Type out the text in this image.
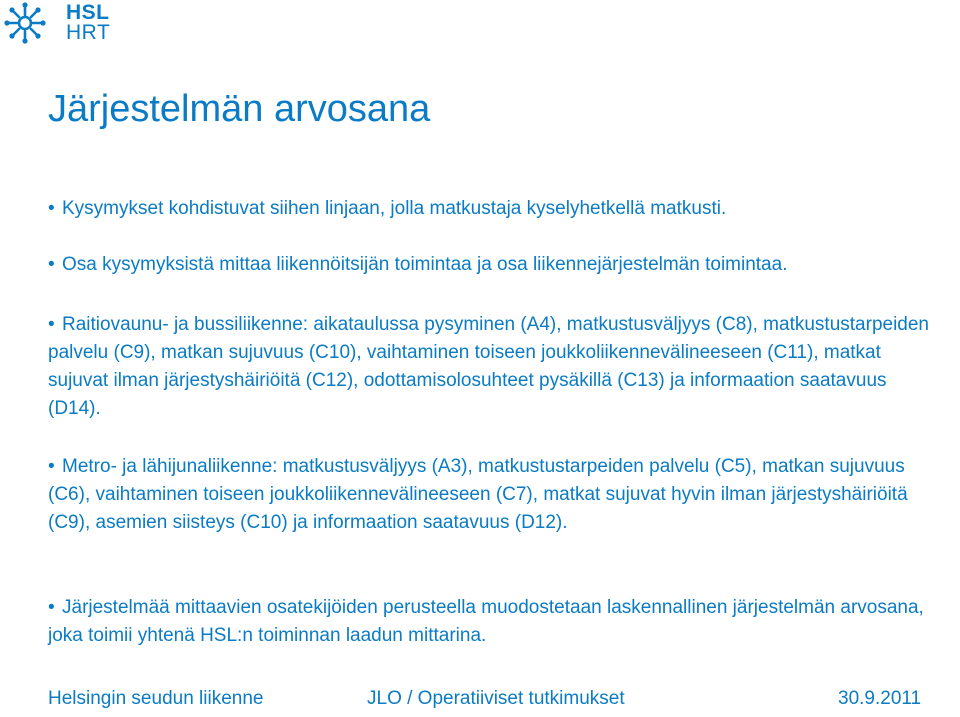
HSL
HRT
Järjestelmän arvosana
• Kysymykset kohdistuvat siihen linjaan, jolla matkustaja kyselyhetkellä matkusti.
• Osa kysymyksistä mittaa liikennöitsijän toimintaa ja osa liikennejärjestelmän toimintaa.
• Raitiovaunu- ja bussiliikenne: aikataulussa pysyminen (A4), matkustusväljyys (C8), matkustustarpeiden palvelu (C9), matkan sujuvuus (C10), vaihtaminen toiseen joukkoliikennevälineeseen (C11), matkat sujuvat ilman järjestyshäiriöitä (C12), odottamisolosuhteet pysäkillä (C13) ja informaation saatavuus (D14).
• Metro- ja lähijunaliikenne: matkustusväljyys (A3), matkustustarpeiden palvelu (C5), matkan sujuvuus (C6), vaihtaminen toiseen joukkoliikennevälineeseen (C7), matkat sujuvat hyvin ilman järjestyshäiriöitä (C9), asemien siisteys (C10) ja informaation saatavuus (D12).
• Järjestelmää mittaavien osatekijöiden perusteella muodostetaan laskennallinen järjestelmän arvosana, joka toimii yhtenä HSL:n toiminnan laadun mittarina.
Helsingin seudun liikenne	JLO / Operatiiviset tutkimukset	30.9.2011
